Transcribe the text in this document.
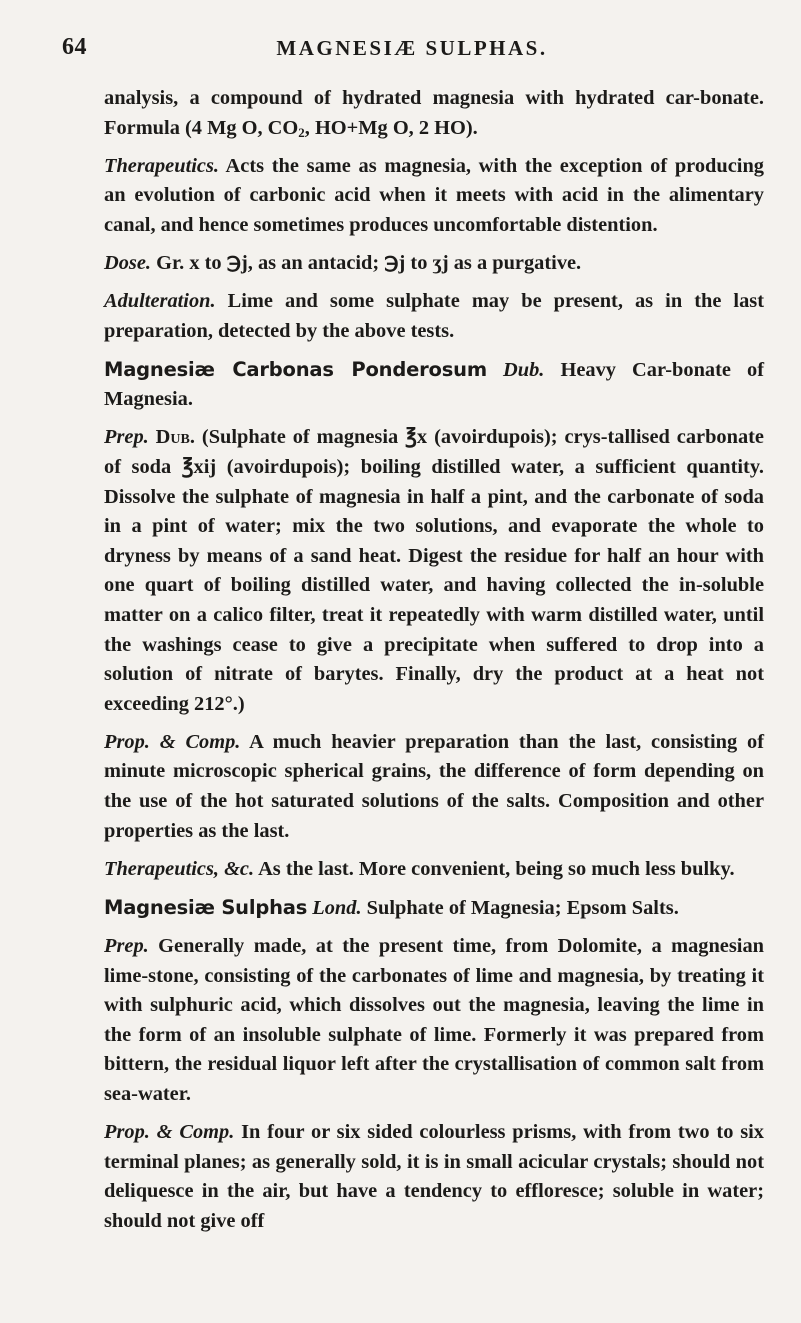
64	MAGNESIÆ SULPHAS.

analysis, a compound of hydrated magnesia with hydrated car-bonate. Formula (4 Mg O, $CO_2$, HO+Mg O, 2 HO).

Therapeutics. Acts the same as magnesia, with the exception of producing an evolution of carbonic acid when it meets with acid in the alimentary canal, and hence sometimes produces uncomfortable distention.

Dose. Gr. x to ℈j, as an antacid; ℈j to ʒj as a purgative.

Adulteration. Lime and some sulphate may be present, as in the last preparation, detected by the above tests.

Magnesiæ Carbonas Ponderosum Dub. Heavy Car-bonate of Magnesia.

Prep. Dub. (Sulphate of magnesia ℥x (avoirdupois); crys-tallised carbonate of soda ℥xij (avoirdupois); boiling distilled water, a sufficient quantity. Dissolve the sulphate of magnesia in half a pint, and the carbonate of soda in a pint of water; mix the two solutions, and evaporate the whole to dryness by means of a sand heat. Digest the residue for half an hour with one quart of boiling distilled water, and having collected the in-soluble matter on a calico filter, treat it repeatedly with warm distilled water, until the washings cease to give a precipitate when suffered to drop into a solution of nitrate of barytes. Finally, dry the product at a heat not exceeding 212°.)

Prop. & Comp. A much heavier preparation than the last, consisting of minute microscopic spherical grains, the difference of form depending on the use of the hot saturated solutions of the salts. Composition and other properties as the last.

Therapeutics, &c. As the last. More convenient, being so much less bulky.

Magnesiæ Sulphas Lond. Sulphate of Magnesia; Epsom Salts.

Prep. Generally made, at the present time, from Dolomite, a magnesian lime-stone, consisting of the carbonates of lime and magnesia, by treating it with sulphuric acid, which dissolves out the magnesia, leaving the lime in the form of an insoluble sulphate of lime. Formerly it was prepared from bittern, the residual liquor left after the crystallisation of common salt from sea-water.

Prop. & Comp. In four or six sided colourless prisms, with from two to six terminal planes; as generally sold, it is in small acicular crystals; should not deliquesce in the air, but have a tendency to effloresce; soluble in water; should not give off
